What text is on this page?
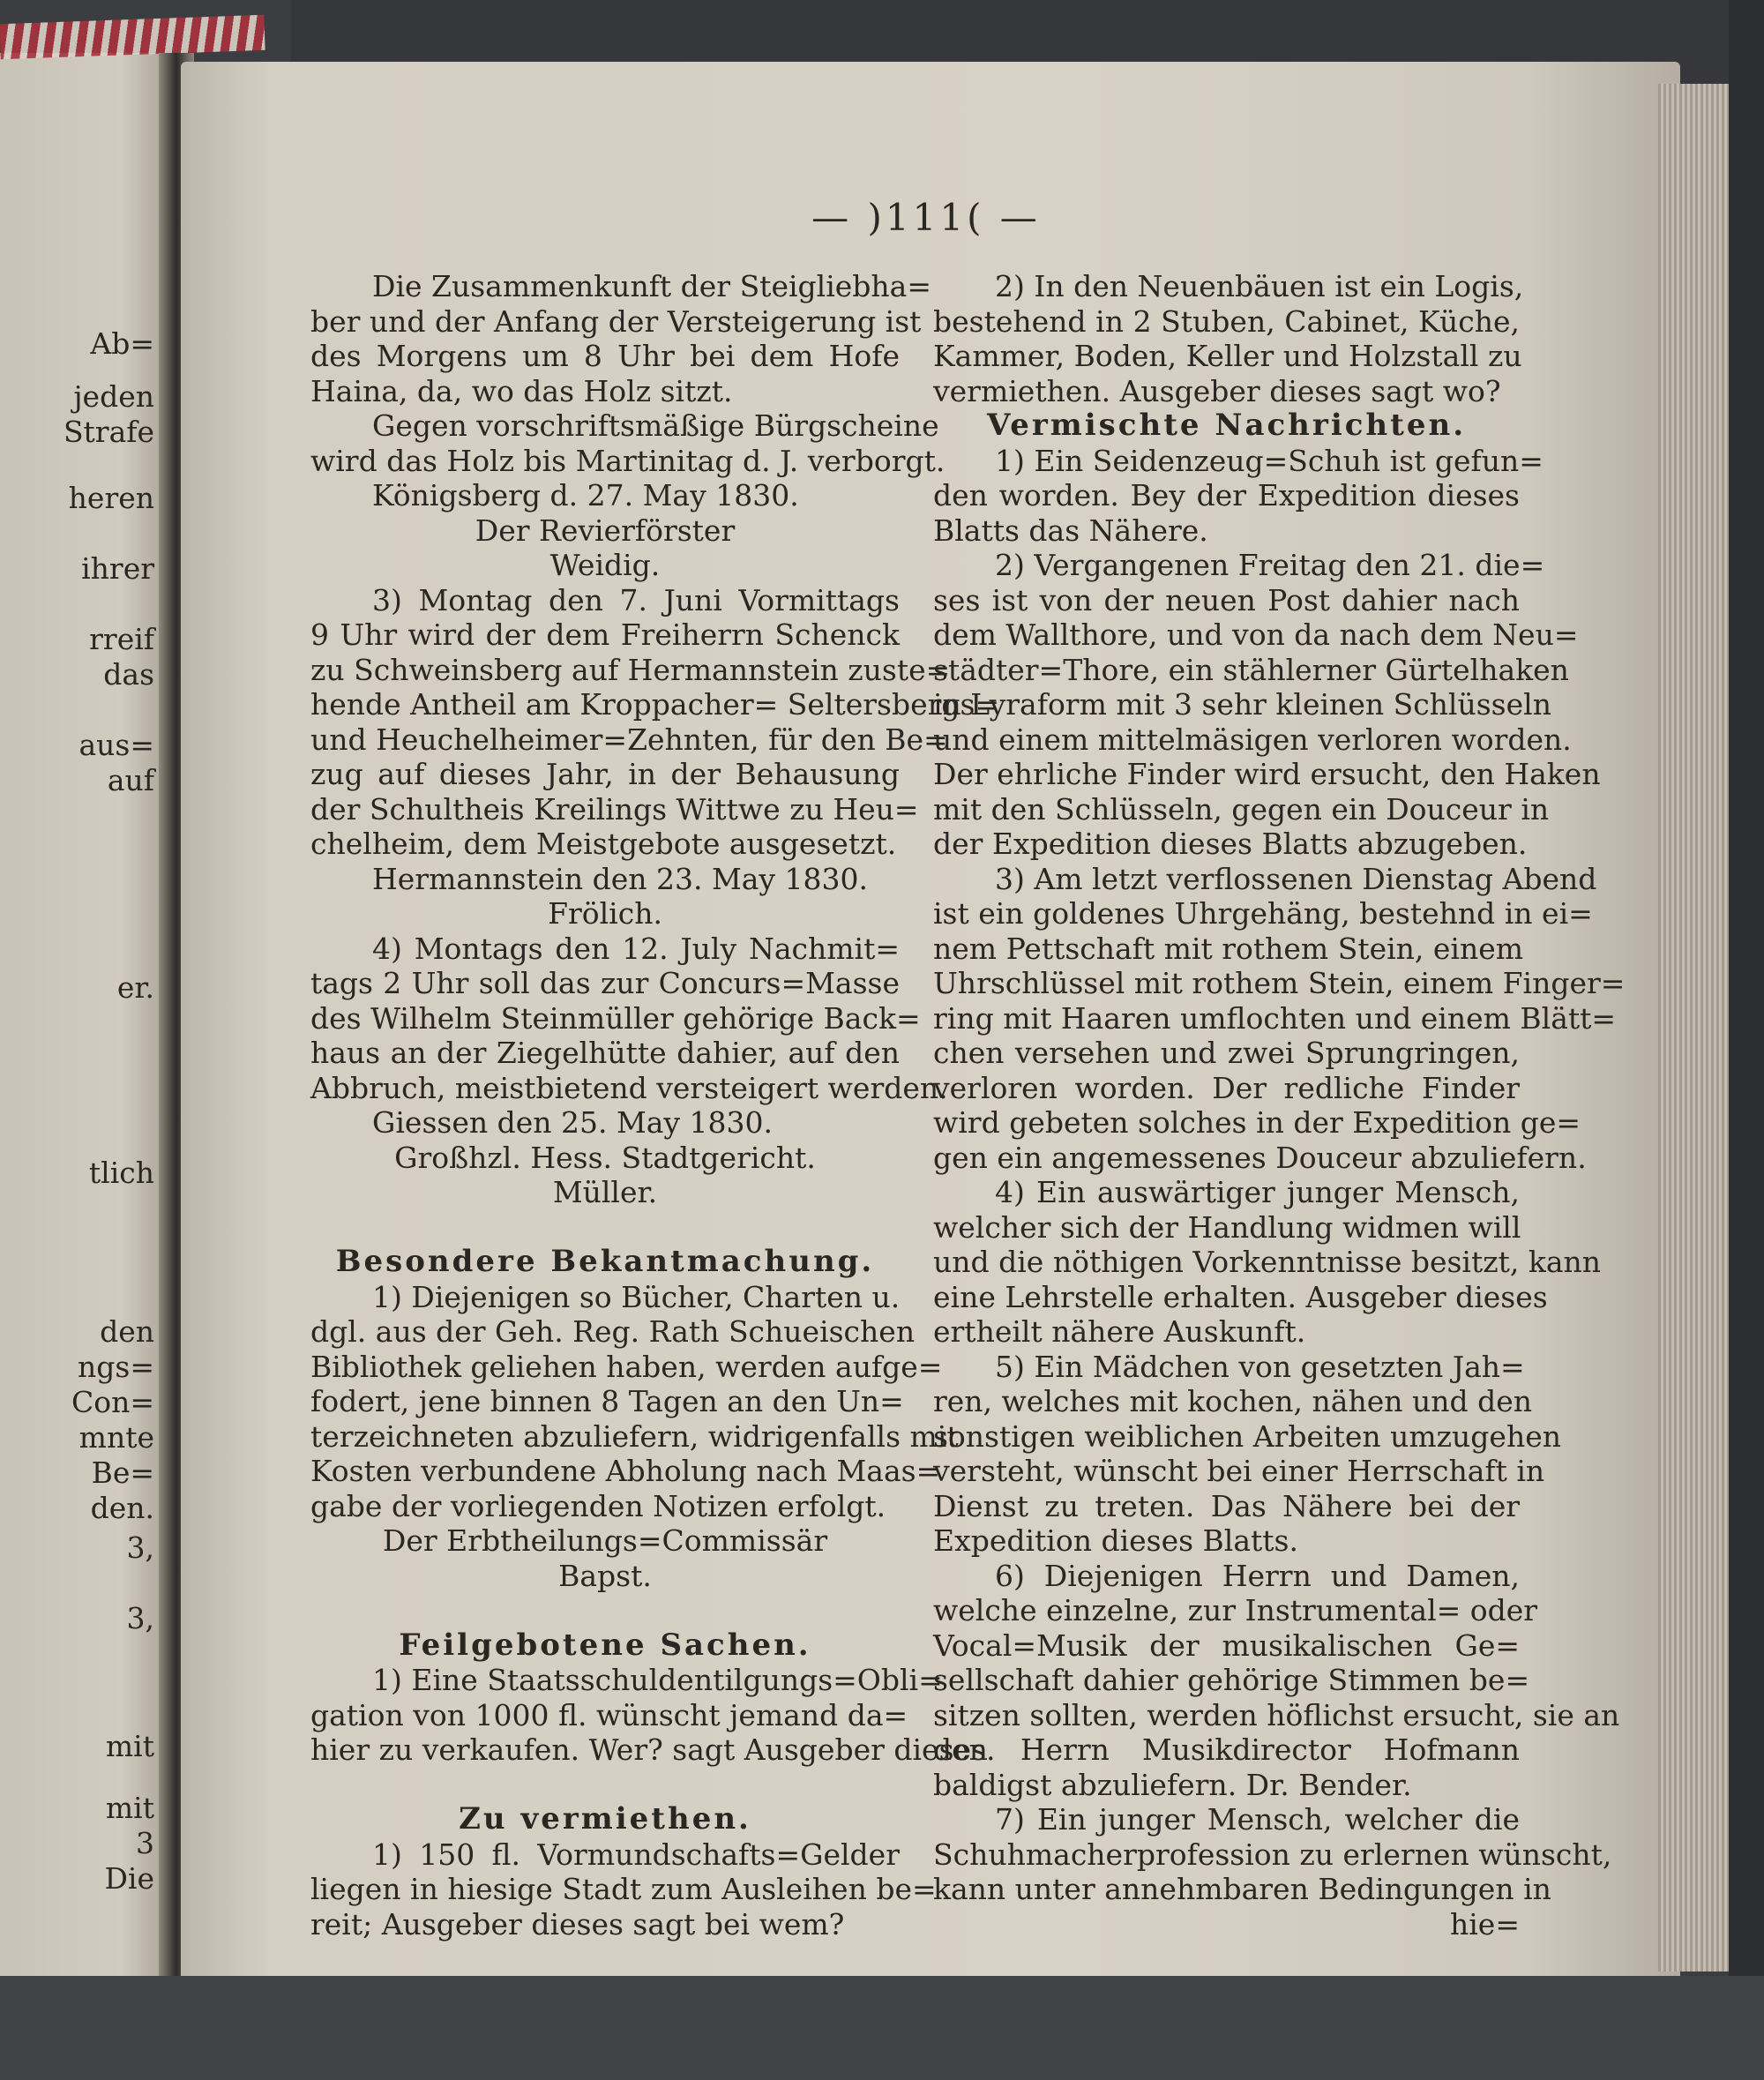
Ab=
jeden
Strafe
heren
ihrer
rreif
das
aus=
auf
er.
tlich
den
ngs=
Con=
mnte
Be=
den.
3,
3,
mit
mit
3
Die
— )111( —
Die Zusammenkunft der Steigliebha=
ber und der Anfang der Versteigerung ist
des Morgens um 8 Uhr bei dem Hofe
Haina, da, wo das Holz sitzt.
Gegen vorschriftsmäßige Bürgscheine
wird das Holz bis Martinitag d. J. verborgt.
Königsberg d. 27. May 1830.
Der Revierförster
Weidig.
3) Montag den 7. Juni Vormittags
9 Uhr wird der dem Freiherrn Schenck
zu Schweinsberg auf Hermannstein zuste=
hende Antheil am Kroppacher= Seltersbergs=
und Heuchelheimer=Zehnten, für den Be=
zug auf dieses Jahr, in der Behausung
der Schultheis Kreilings Wittwe zu Heu=
chelheim, dem Meistgebote ausgesetzt.
Hermannstein den 23. May 1830.
Frölich.
4) Montags den 12. July Nachmit=
tags 2 Uhr soll das zur Concurs=Masse
des Wilhelm Steinmüller gehörige Back=
haus an der Ziegelhütte dahier, auf den
Abbruch, meistbietend versteigert werden.
Giessen den 25. May 1830.
Großhzl. Hess. Stadtgericht.
Müller.

Besondere Bekantmachung.
1) Diejenigen so Bücher, Charten u.
dgl. aus der Geh. Reg. Rath Schueischen
Bibliothek geliehen haben, werden aufge=
fodert, jene binnen 8 Tagen an den Un=
terzeichneten abzuliefern, widrigenfalls mit
Kosten verbundene Abholung nach Maas=
gabe der vorliegenden Notizen erfolgt.
Der Erbtheilungs=Commissär
Bapst.

Feilgebotene Sachen.
1) Eine Staatsschuldentilgungs=Obli=
gation von 1000 fl. wünscht jemand da=
hier zu verkaufen. Wer? sagt Ausgeber dieses.

Zu vermiethen.
1) 150 fl. Vormundschafts=Gelder
liegen in hiesige Stadt zum Ausleihen be=
reit; Ausgeber dieses sagt bei wem?
2) In den Neuenbäuen ist ein Logis,
bestehend in 2 Stuben, Cabinet, Küche,
Kammer, Boden, Keller und Holzstall zu
vermiethen. Ausgeber dieses sagt wo?
Vermischte Nachrichten.
1) Ein Seidenzeug=Schuh ist gefun=
den worden. Bey der Expedition dieses
Blatts das Nähere.
2) Vergangenen Freitag den 21. die=
ses ist von der neuen Post dahier nach
dem Wallthore, und von da nach dem Neu=
städter=Thore, ein stählerner Gürtelhaken
in Lyraform mit 3 sehr kleinen Schlüsseln
und einem mittelmäsigen verloren worden.
Der ehrliche Finder wird ersucht, den Haken
mit den Schlüsseln, gegen ein Douceur in
der Expedition dieses Blatts abzugeben.
3) Am letzt verflossenen Dienstag Abend
ist ein goldenes Uhrgehäng, bestehnd in ei=
nem Pettschaft mit rothem Stein, einem
Uhrschlüssel mit rothem Stein, einem Finger=
ring mit Haaren umflochten und einem Blätt=
chen versehen und zwei Sprungringen,
verloren worden. Der redliche Finder
wird gebeten solches in der Expedition ge=
gen ein angemessenes Douceur abzuliefern.
4) Ein auswärtiger junger Mensch,
welcher sich der Handlung widmen will
und die nöthigen Vorkenntnisse besitzt, kann
eine Lehrstelle erhalten. Ausgeber dieses
ertheilt nähere Auskunft.
5) Ein Mädchen von gesetzten Jah=
ren, welches mit kochen, nähen und den
sonstigen weiblichen Arbeiten umzugehen
versteht, wünscht bei einer Herrschaft in
Dienst zu treten. Das Nähere bei der
Expedition dieses Blatts.
6) Diejenigen Herrn und Damen,
welche einzelne, zur Instrumental= oder
Vocal=Musik der musikalischen Ge=
sellschaft dahier gehörige Stimmen be=
sitzen sollten, werden höflichst ersucht, sie an
den Herrn Musikdirector Hofmann
baldigst abzuliefern. Dr. Bender.
7) Ein junger Mensch, welcher die
Schuhmacherprofession zu erlernen wünscht,
kann unter annehmbaren Bedingungen in
hie=
